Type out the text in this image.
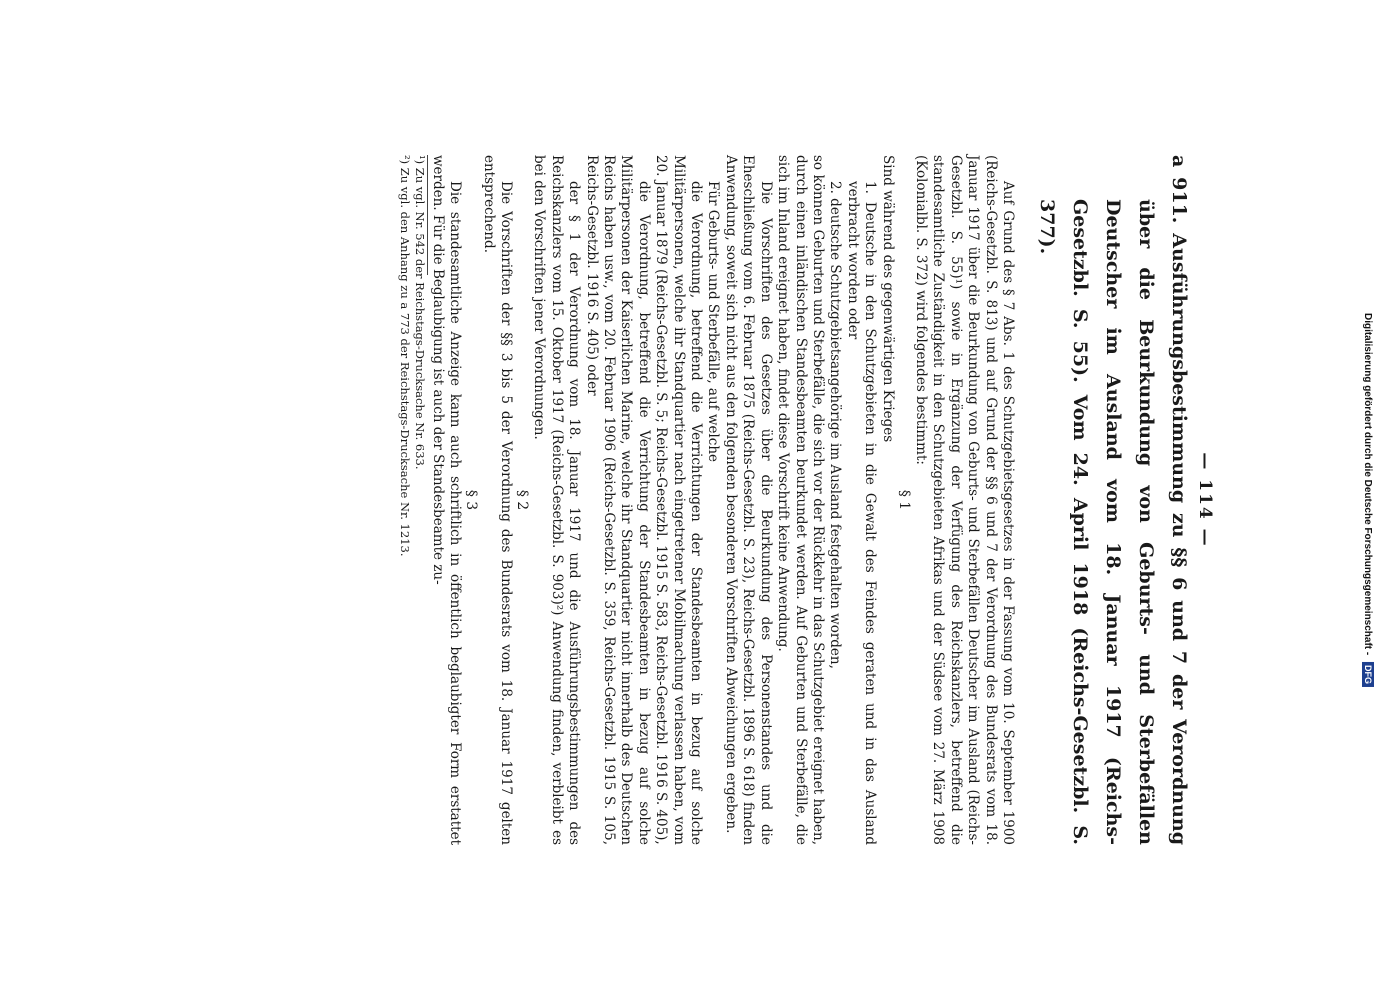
— 114 —

a 911. Ausführungsbestimmung zu §§ 6 und 7 der Verordnung über die Beurkundung von Geburts- und Sterbefällen Deutscher im Ausland vom 18. Januar 1917 (Reichs-Gesetzbl. S. 55). Vom 24. April 1918 (Reichs-Gesetzbl. S. 377).

Auf Grund des § 7 Abs. 1 des Schutzgebietsgesetzes in der Fassung vom 10. September 1900 (Reichs-Gesetzbl. S. 813) und auf Grund der §§ 6 und 7 der Verordnung des Bundesrats vom 18. Januar 1917 über die Beurkundung von Geburts- und Sterbefällen Deutscher im Ausland (Reichs-Gesetzbl. S. 55)¹) sowie in Ergänzung der Verfügung des Reichskanzlers, betreffend die standesamtliche Zuständigkeit in den Schutzgebieten Afrikas und der Südsee vom 27. März 1908 (Kolonialbl. S. 372) wird folgendes bestimmt:

§ 1

Sind während des gegenwärtigen Krieges

1. Deutsche in den Schutzgebieten in die Gewalt des Feindes geraten und in das Ausland verbracht worden oder

2. deutsche Schutzgebietsangehörige im Ausland festgehalten worden,

so können Geburten und Sterbefälle, die sich vor der Rückkehr in das Schutzgebiet ereignet haben, durch einen inländischen Standesbeamten beurkundet werden. Auf Geburten und Sterbefälle, die sich im Inland ereignet haben, findet diese Vorschrift keine Anwendung.

Die Vorschriften des Gesetzes über die Beurkundung des Personenstandes und die Eheschließung vom 6. Februar 1875 (Reichs-Gesetzbl. S. 23), Reichs-Gesetzbl. 1896 S. 618) finden Anwendung, soweit sich nicht aus den folgenden besonderen Vorschriften Abweichungen ergeben.

Für Geburts- und Sterbefälle, auf welche

die Verordnung, betreffend die Verrichtungen der Standesbeamten in bezug auf solche Militärpersonen, welche ihr Standquartier nach eingetretener Mobilmachung verlassen haben, vom 20. Januar 1879 (Reichs-Gesetzbl. S. 5; Reichs-Gesetzbl. 1915 S. 583, Reichs-Gesetzbl. 1916 S. 405),

die Verordnung, betreffend die Verrichtung der Standesbeamten in bezug auf solche Militärpersonen der Kaiserlichen Marine, welche ihr Standquartier nicht innerhalb des Deutschen Reichs haben usw., vom 20. Februar 1906 (Reichs-Gesetzbl. S. 359, Reichs-Gesetzbl. 1915 S. 105, Reichs-Gesetzbl. 1916 S. 405) oder

der § 1 der Verordnung vom 18. Januar 1917 und die Ausführungsbestimmungen des Reichskanzlers vom 15. Oktober 1917 (Reichs-Gesetzbl. S. 903)²) Anwendung finden, verbleibt es bei den Vorschriften jener Verordnungen.

§ 2

Die Vorschriften der §§ 3 bis 5 der Verordnung des Bundesrats vom 18. Januar 1917 gelten entsprechend.

§ 3

Die standesamtliche Anzeige kann auch schriftlich in öffentlich beglaubigter Form erstattet werden. Für die Beglaubigung ist auch der Standesbeamte zu-

¹) Zu vgl. Nr. 542 der Reichstags-Drucksache Nr. 633.

²) Zu vgl. den Anhang zu a 773 der Reichstags-Drucksache Nr. 1213.	Digitalisierung gefördert durch die Deutsche Forschungsgemeinschaft - DFG
